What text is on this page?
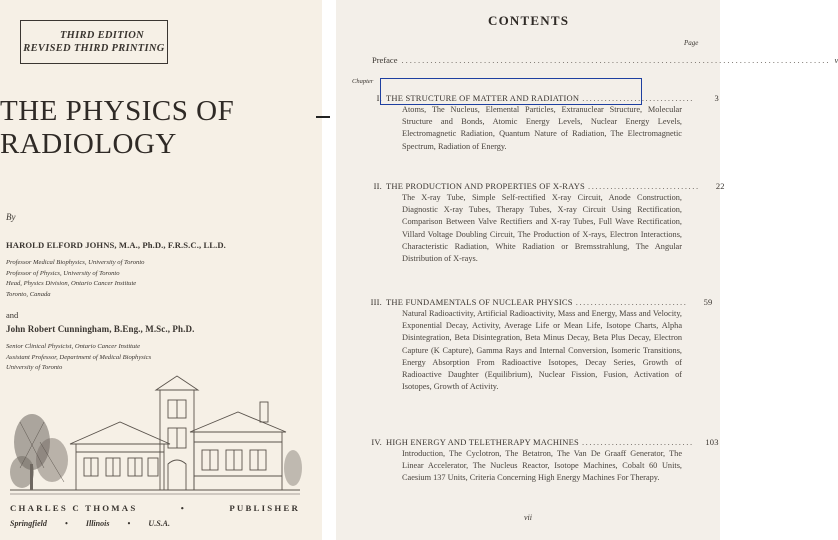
THIRD EDITION
REVISED THIRD PRINTING
THE PHYSICS OF
RADIOLOGY
By
HAROLD ELFORD JOHNS, M.A., Ph.D., F.R.S.C., LL.D.
Professor Medical Biophysics, University of Toronto
Professor of Physics, University of Toronto
Head, Physics Division, Ontario Cancer Institute
Toronto, Canada
and
John Robert Cunningham, B.Eng., M.Sc., Ph.D.
Senior Clinical Physicist, Ontario Cancer Institute
Assistant Professor, Department of Medical Biophysics
University of Toronto
CHARLES C THOMAS	•	PUBLISHER
Springfield • Illinois • U.S.A.
CONTENTS
Page
Preface ........................................................................................................ v
Chapter
I. THE STRUCTURE OF MATTER AND RADIATION ..............................	3
Atoms, The Nucleus, Elemental Particles, Extranuclear Structure, Molecular Structure and Bonds, Atomic Energy Levels, Nuclear Energy Levels, Electromagnetic Radiation, Quantum Nature of Radiation, The Electromagnetic Spectrum, Radiation of Energy.
II. THE PRODUCTION AND PROPERTIES OF X-RAYS ..............................	22
The X-ray Tube, Simple Self-rectified X-ray Circuit, Anode Construction, Diagnostic X-ray Tubes, Therapy Tubes, X-ray Circuit Using Rectification, Comparison Between Valve Rectifiers and X-ray Tubes, Full Wave Rectification, Villard Voltage Doubling Circuit, The Production of X-rays, Electron Interactions, Characteristic Radiation, White Radiation or Bremsstrahlung, The Angular Distribution of X-rays.
III. THE FUNDAMENTALS OF NUCLEAR PHYSICS ..............................	59
Natural Radioactivity, Artificial Radioactivity, Mass and Energy, Mass and Velocity, Exponential Decay, Activity, Average Life or Mean Life, Isotope Charts, Alpha Disintegration, Beta Disintegration, Beta Minus Decay, Beta Plus Decay, Electron Capture (K Capture), Gamma Rays and Internal Conversion, Isomeric Transitions, Energy Absorption From Radioactive Isotopes, Decay Series, Growth of Radioactive Daughter (Equilibrium), Nuclear Fission, Fusion, Activation of Isotopes, Growth of Activity.
IV. HIGH ENERGY AND TELETHERAPY MACHINES ..............................	103
Introduction, The Cyclotron, The Betatron, The Van De Graaff Generator, The Linear Accelerator, The Nucleus Reactor, Isotope Machines, Cobalt 60 Units, Caesium 137 Units, Criteria Concerning High Energy Machines For Therapy.
vii
